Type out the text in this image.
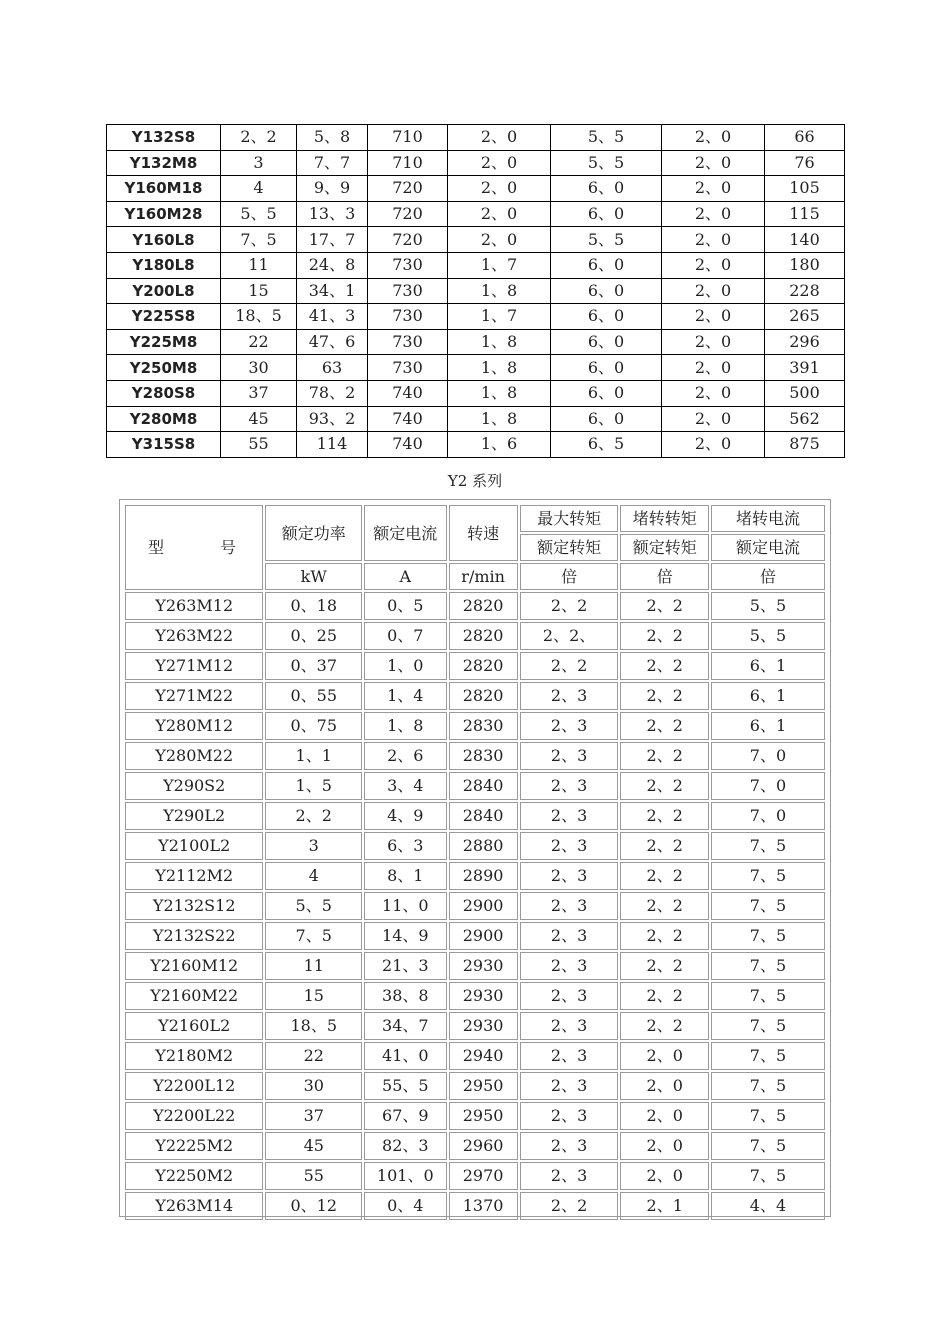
Y132S8	2、2	5、8	710	2、0	5、5	2、0	66
Y132M8	3	7、7	710	2、0	5、5	2、0	76
Y160M18	4	9、9	720	2、0	6、0	2、0	105
Y160M28	5、5	13、3	720	2、0	6、0	2、0	115
Y160L8	7、5	17、7	720	2、0	5、5	2、0	140
Y180L8	11	24、8	730	1、7	6、0	2、0	180
Y200L8	15	34、1	730	1、8	6、0	2、0	228
Y225S8	18、5	41、3	730	1、7	6、0	2、0	265
Y225M8	22	47、6	730	1、8	6、0	2、0	296
Y250M8	30	63	730	1、8	6、0	2、0	391
Y280S8	37	78、2	740	1、8	6、0	2、0	500
Y280M8	45	93、2	740	1、8	6、0	2、0	562
Y315S8	55	114	740	1、6	6、5	2、0	875
Y2 系列
型 号	额定功率	额定电流	转速	最大转矩	堵转转矩	堵转电流
				额定转矩	额定转矩	额定电流
	kW	A	r/min	倍	倍	倍
Y263M12	0、18	0、5	2820	2、2	2、2	5、5
Y263M22	0、25	0、7	2820	2、2、	2、2	5、5
Y271M12	0、37	1、0	2820	2、2	2、2	6、1
Y271M22	0、55	1、4	2820	2、3	2、2	6、1
Y280M12	0、75	1、8	2830	2、3	2、2	6、1
Y280M22	1、1	2、6	2830	2、3	2、2	7、0
Y290S2	1、5	3、4	2840	2、3	2、2	7、0
Y290L2	2、2	4、9	2840	2、3	2、2	7、0
Y2100L2	3	6、3	2880	2、3	2、2	7、5
Y2112M2	4	8、1	2890	2、3	2、2	7、5
Y2132S12	5、5	11、0	2900	2、3	2、2	7、5
Y2132S22	7、5	14、9	2900	2、3	2、2	7、5
Y2160M12	11	21、3	2930	2、3	2、2	7、5
Y2160M22	15	38、8	2930	2、3	2、2	7、5
Y2160L2	18、5	34、7	2930	2、3	2、2	7、5
Y2180M2	22	41、0	2940	2、3	2、0	7、5
Y2200L12	30	55、5	2950	2、3	2、0	7、5
Y2200L22	37	67、9	2950	2、3	2、0	7、5
Y2225M2	45	82、3	2960	2、3	2、0	7、5
Y2250M2	55	101、0	2970	2、3	2、0	7、5
Y263M14	0、12	0、4	1370	2、2	2、1	4、4
